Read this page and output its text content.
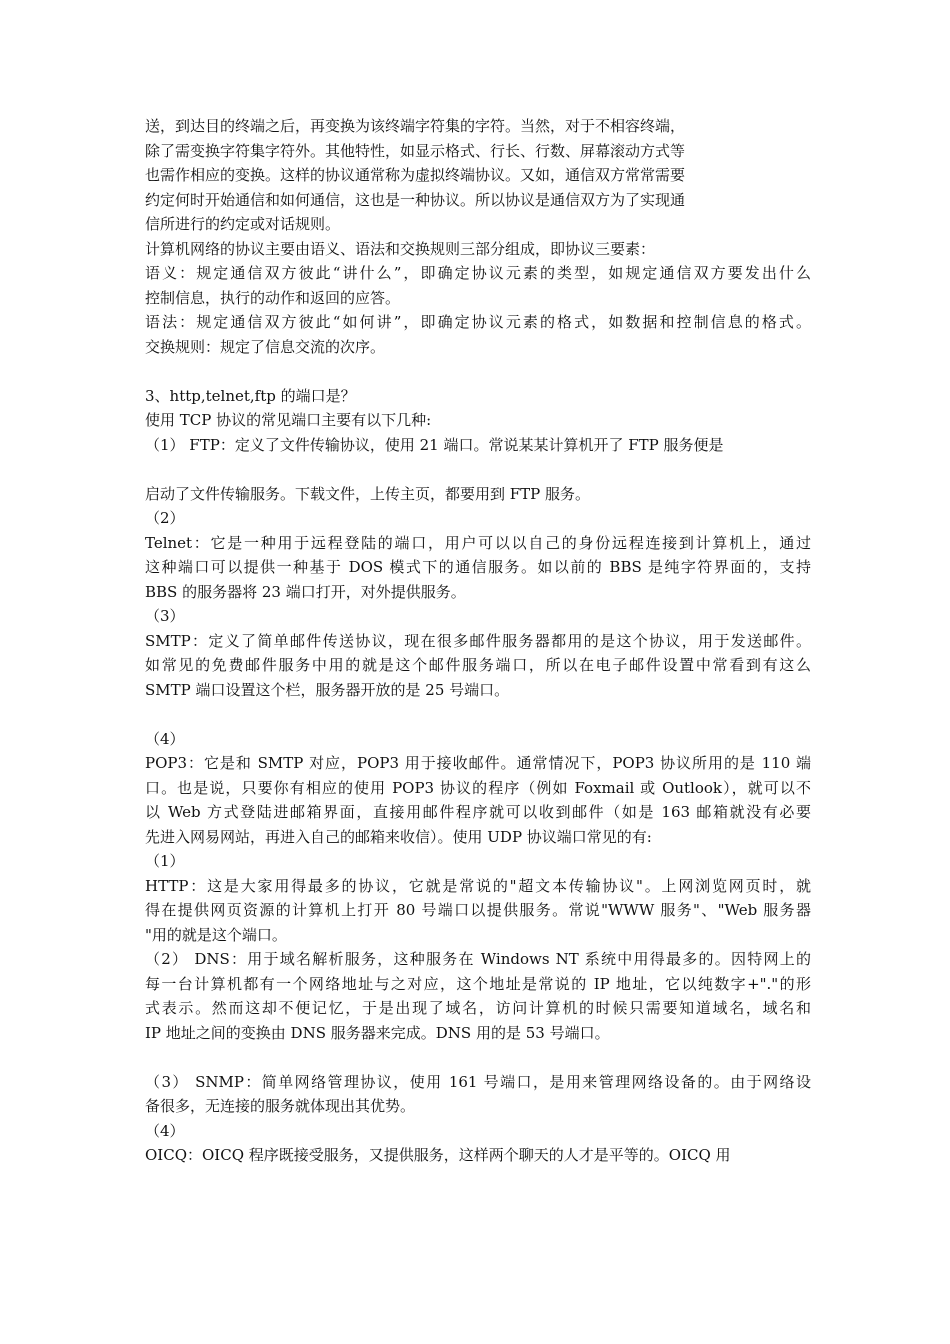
送，到达目的终端之后，再变换为该终端字符集的字符。当然，对于不相容终端，
除了需变换字符集字符外。其他特性，如显示格式、行长、行数、屏幕滚动方式等
也需作相应的变换。这样的协议通常称为虚拟终端协议。又如，通信双方常常需要
约定何时开始通信和如何通信，这也是一种协议。所以协议是通信双方为了实现通
信所进行的约定或对话规则。
计算机网络的协议主要由语义、语法和交换规则三部分组成，即协议三要素：
语义：规定通信双方彼此“讲什么”，即确定协议元素的类型，如规定通信双方要发出什么
控制信息，执行的动作和返回的应答。
语法：规定通信双方彼此“如何讲”，即确定协议元素的格式，如数据和控制信息的格式。
交换规则：规定了信息交流的次序。
3、http,telnet,ftp 的端口是？
使用 TCP 协议的常见端口主要有以下几种:
（1） FTP：定义了文件传输协议，使用 21 端口。常说某某计算机开了 FTP 服务便是
启动了文件传输服务。下载文件，上传主页，都要用到 FTP 服务。
（2）
Telnet：它是一种用于远程登陆的端口，用户可以以自己的身份远程连接到计算机上，通过
这种端口可以提供一种基于 DOS 模式下的通信服务。如以前的 BBS 是纯字符界面的，支持
BBS 的服务器将 23 端口打开，对外提供服务。
（3）
SMTP：定义了简单邮件传送协议，现在很多邮件服务器都用的是这个协议，用于发送邮件。
如常见的免费邮件服务中用的就是这个邮件服务端口，所以在电子邮件设置中常看到有这么
SMTP 端口设置这个栏，服务器开放的是 25 号端口。
（4）
POP3：它是和 SMTP 对应，POP3 用于接收邮件。通常情况下，POP3 协议所用的是 110 端
口。也是说，只要你有相应的使用 POP3 协议的程序（例如 Foxmail 或 Outlook），就可以不
以 Web 方式登陆进邮箱界面，直接用邮件程序就可以收到邮件（如是 163 邮箱就没有必要
先进入网易网站，再进入自己的邮箱来收信）。使用 UDP 协议端口常见的有:
（1）
HTTP：这是大家用得最多的协议，它就是常说的"超文本传输协议"。上网浏览网页时，就
得在提供网页资源的计算机上打开 80 号端口以提供服务。常说"WWW 服务"、"Web 服务器
"用的就是这个端口。
（2） DNS：用于域名解析服务，这种服务在 Windows NT 系统中用得最多的。因特网上的
每一台计算机都有一个网络地址与之对应，这个地址是常说的 IP 地址，它以纯数字+"."的形
式表示。然而这却不便记忆，于是出现了域名，访问计算机的时候只需要知道域名，域名和
IP 地址之间的变换由 DNS 服务器来完成。DNS 用的是 53 号端口。
（3） SNMP：简单网络管理协议，使用 161 号端口，是用来管理网络设备的。由于网络设
备很多，无连接的服务就体现出其优势。
（4）
OICQ：OICQ 程序既接受服务，又提供服务，这样两个聊天的人才是平等的。OICQ 用
